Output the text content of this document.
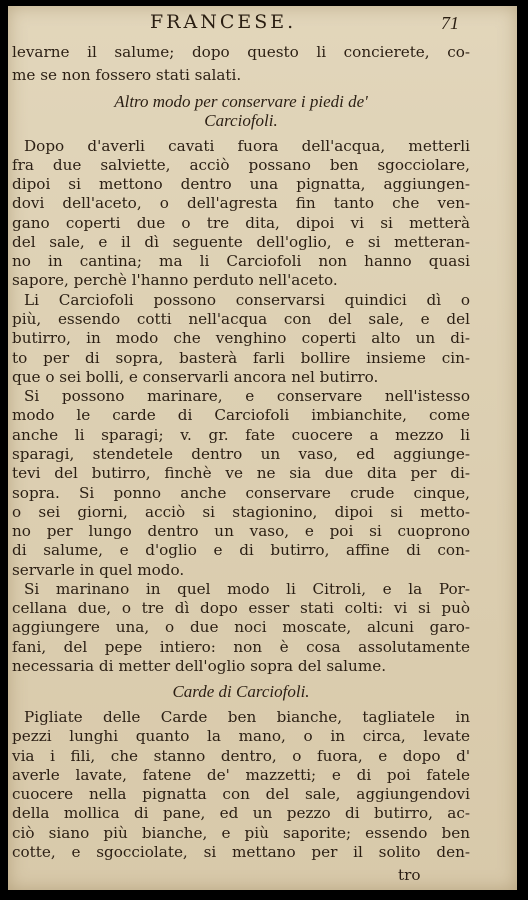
FRANCESE.	71
levarne il salume; dopo questo li concierete, co-
me se non fossero stati salati.
Altro modo per conservare i piedi de'
Carciofoli.
Dopo d'averli cavati fuora dell'acqua, metterli
fra due salviette, acciò possano ben sgocciolare,
dipoi si mettono dentro una pignatta, aggiungen-
dovi dell'aceto, o dell'agresta fin tanto che ven-
gano coperti due o tre dita, dipoi vi si metterà
del sale, e il dì seguente dell'oglio, e si metteran-
no in cantina; ma li Carciofoli non hanno quasi
sapore, perchè l'hanno perduto nell'aceto.
Li Carciofoli possono conservarsi quindici dì o
più, essendo cotti nell'acqua con del sale, e del
butirro, in modo che venghino coperti alto un di-
to per di sopra, basterà farli bollire insieme cin-
que o sei bolli, e conservarli ancora nel butirro.
Si possono marinare, e conservare nell'istesso
modo le carde di Carciofoli imbianchite, come
anche li sparagi; v. gr. fate cuocere a mezzo li
sparagi, stendetele dentro un vaso, ed aggiunge-
tevi del butirro, finchè ve ne sia due dita per di-
sopra. Si ponno anche conservare crude cinque,
o sei giorni, acciò si stagionino, dipoi si metto-
no per lungo dentro un vaso, e poi si cuoprono
di salume, e d'oglio e di butirro, affine di con-
servarle in quel modo.
Si marinano in quel modo li Citroli, e la Por-
cellana due, o tre dì dopo esser stati colti: vi si può
aggiungere una, o due noci moscate, alcuni garo-
fani, del pepe intiero: non è cosa assolutamente
necessaria di metter dell'oglio sopra del salume.
Carde di Carciofoli.
Pigliate delle Carde ben bianche, tagliatele in
pezzi lunghi quanto la mano, o in circa, levate
via i fili, che stanno dentro, o fuora, e dopo d'
averle lavate, fatene de' mazzetti; e di poi fatele
cuocere nella pignatta con del sale, aggiungendovi
della mollica di pane, ed un pezzo di butirro, ac-
ciò siano più bianche, e più saporite; essendo ben
cotte, e sgocciolate, si mettano per il solito den-
tro
